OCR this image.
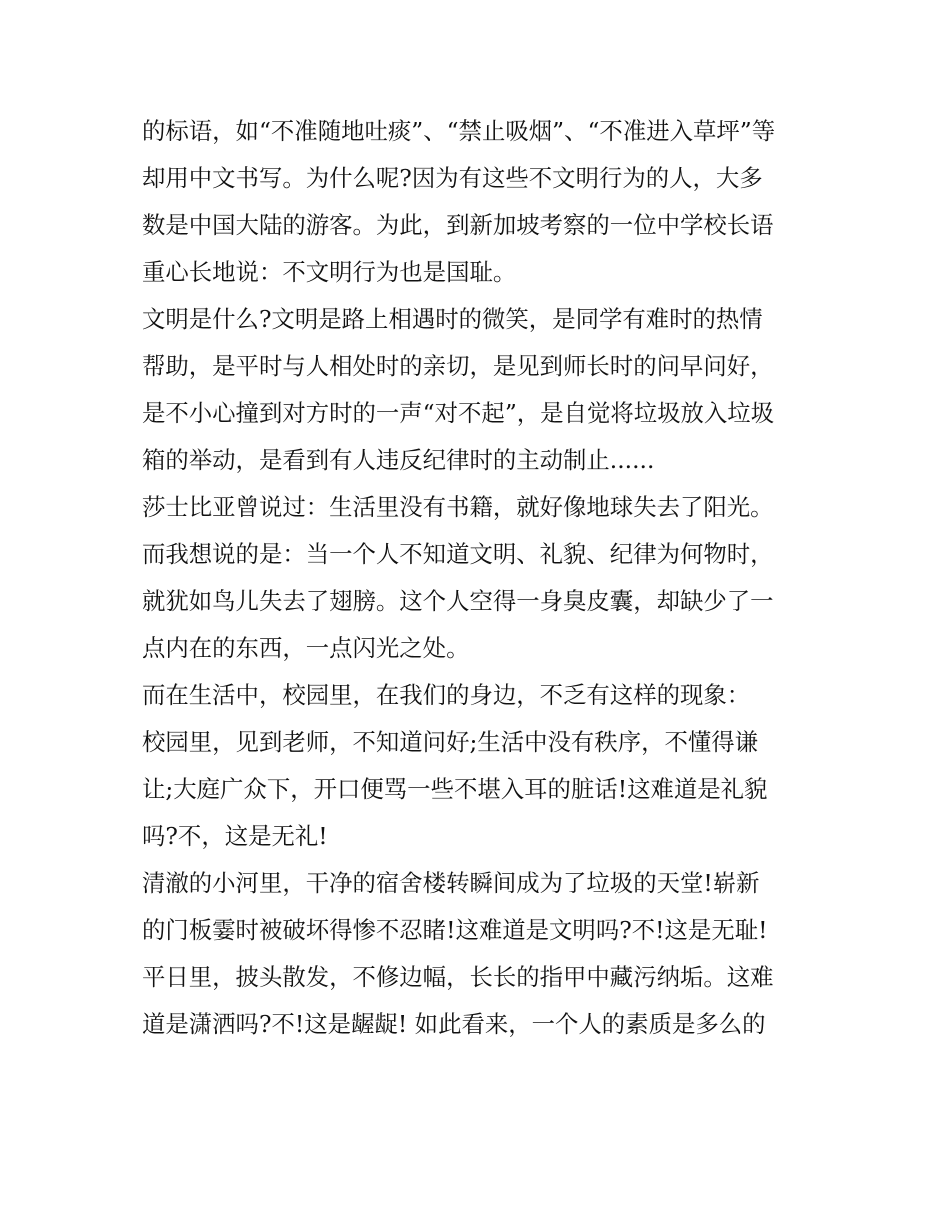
的标语，如“不准随地吐痰”、“禁止吸烟”、“不准进入草坪”等
却用中文书写。为什么呢?因为有这些不文明行为的人，大多
数是中国大陆的游客。为此，到新加坡考察的一位中学校长语
重心长地说：不文明行为也是国耻。
文明是什么?文明是路上相遇时的微笑，是同学有难时的热情
帮助，是平时与人相处时的亲切，是见到师长时的问早问好，
是不小心撞到对方时的一声“对不起”，是自觉将垃圾放入垃圾
箱的举动，是看到有人违反纪律时的主动制止......
莎士比亚曾说过：生活里没有书籍，就好像地球失去了阳光。
而我想说的是：当一个人不知道文明、礼貌、纪律为何物时，
就犹如鸟儿失去了翅膀。这个人空得一身臭皮囊，却缺少了一
点内在的东西，一点闪光之处。
而在生活中，校园里，在我们的身边，不乏有这样的现象：
校园里，见到老师，不知道问好;生活中没有秩序，不懂得谦
让;大庭广众下，开口便骂一些不堪入耳的脏话!这难道是礼貌
吗?不，这是无礼!
清澈的小河里，干净的宿舍楼转瞬间成为了垃圾的天堂!崭新
的门板霎时被破坏得惨不忍睹!这难道是文明吗?不!这是无耻!
平日里，披头散发，不修边幅，长长的指甲中藏污纳垢。这难
道是潇洒吗?不!这是龌龊! 如此看来，一个人的素质是多么的
